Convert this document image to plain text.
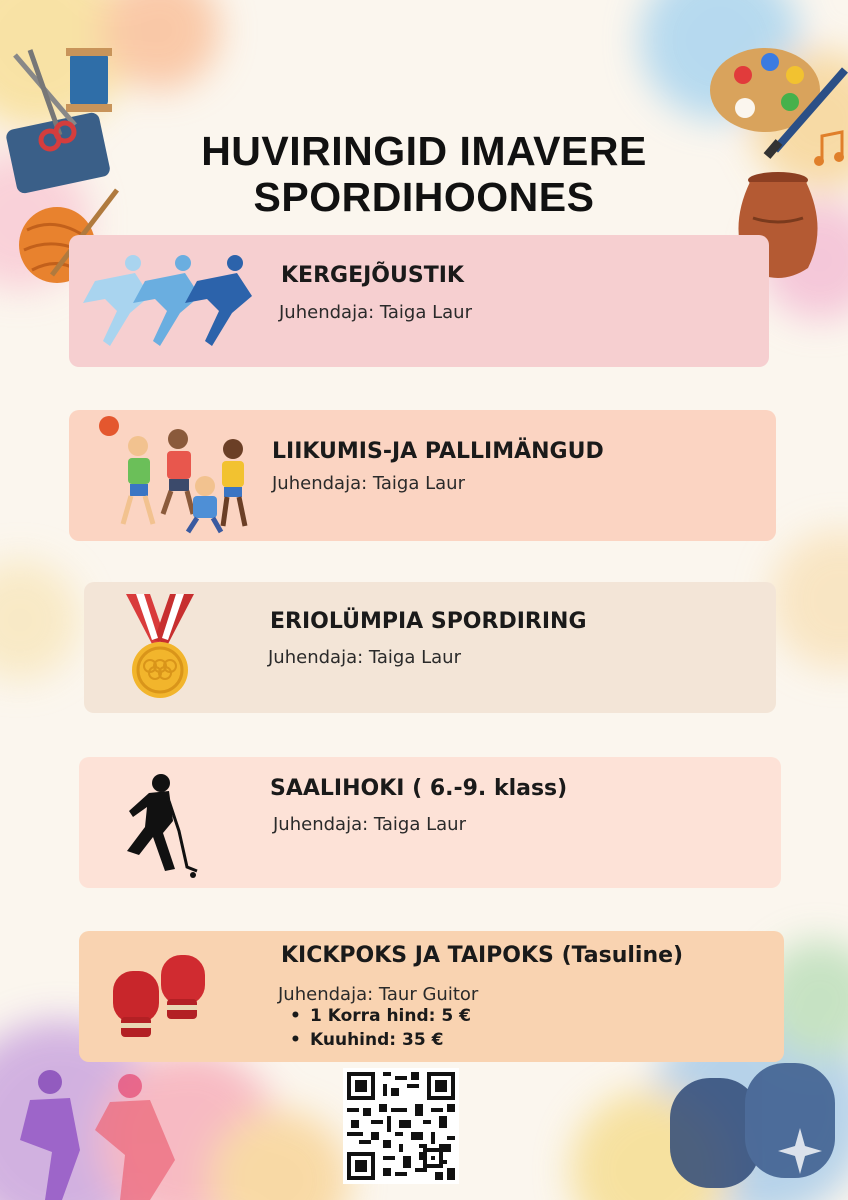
HUVIRINGID IMAVERE
SPORDIHOONES
KERGEJÕUSTIK
Juhendaja: Taiga Laur
LIIKUMIS-JA PALLIMÄNGUD
Juhendaja: Taiga Laur
ERIOLÜMPIA SPORDIRING
Juhendaja: Taiga Laur
SAALIHOKI ( 6.-9. klass)
Juhendaja: Taiga Laur
KICKPOKS JA TAIPOKS (Tasuline)
Juhendaja: Taur Guitor
• 1 Korra hind: 5 €
• Kuuhind: 35 €
